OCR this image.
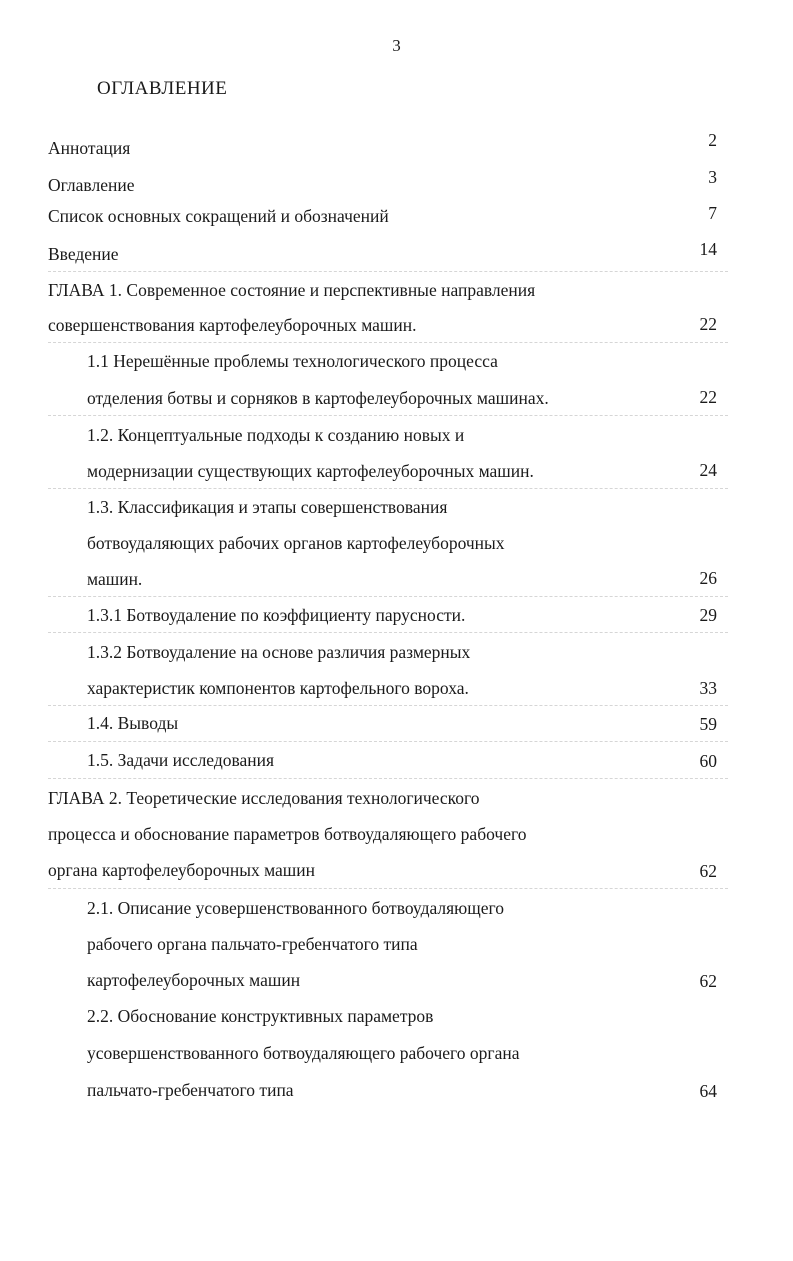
3
ОГЛАВЛЕНИЕ
Аннотация	2
Оглавление	3
Список основных сокращений и обозначений	7
Введение	14
ГЛАВА 1. Современное состояние и перспективные направления
совершенствования картофелеуборочных машин.	22
1.1 Нерешённые проблемы технологического процесса
отделения ботвы и сорняков в картофелеуборочных машинах.	22
1.2. Концептуальные подходы к созданию новых и
модернизации существующих картофелеуборочных машин.	24
1.3. Классификация и этапы совершенствования
ботвоудаляющих рабочих органов картофелеуборочных
машин.	26
1.3.1 Ботвоудаление по коэффициенту парусности.	29
1.3.2 Ботвоудаление на основе различия размерных
характеристик компонентов картофельного вороха.	33
1.4. Выводы	59
1.5. Задачи исследования	60
ГЛАВА 2. Теоретические исследования технологического
процесса и обоснование параметров ботвоудаляющего рабочего
органа картофелеуборочных машин	62
2.1. Описание усовершенствованного ботвоудаляющего
рабочего органа пальчато-гребенчатого типа
картофелеуборочных машин	62
2.2. Обоснование конструктивных параметров
усовершенствованного ботвоудаляющего рабочего органа
пальчато-гребенчатого типа	64
